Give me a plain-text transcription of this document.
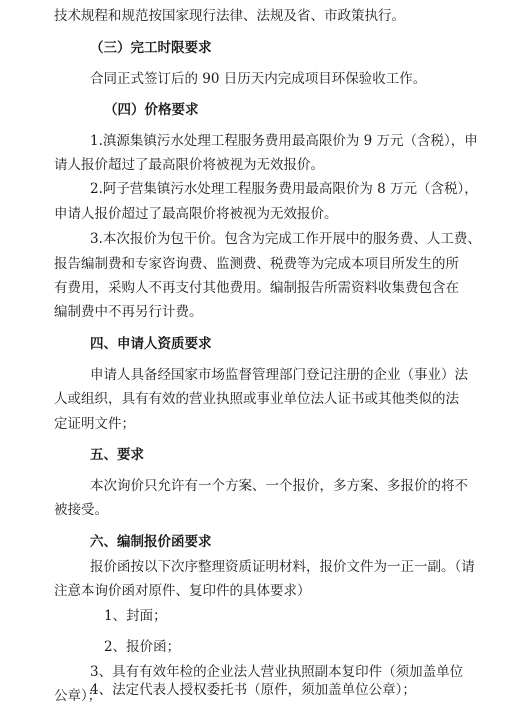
技术规程和规范按国家现行法律、法规及省、市政策执行。
（三）完工时限要求
合同正式签订后的 90 日历天内完成项目环保验收工作。
（四）价格要求
1.滇源集镇污水处理工程服务费用最高限价为 9 万元（含税），申
请人报价超过了最高限价将被视为无效报价。
2.阿子营集镇污水处理工程服务费用最高限价为 8 万元（含税），
申请人报价超过了最高限价将被视为无效报价。
3.本次报价为包干价。包含为完成工作开展中的服务费、人工费、
报告编制费和专家咨询费、监测费、税费等为完成本项目所发生的所
有费用，采购人不再支付其他费用。编制报告所需资料收集费包含在
编制费中不再另行计费。
四、申请人资质要求
申请人具备经国家市场监督管理部门登记注册的企业（事业）法
人或组织，具有有效的营业执照或事业单位法人证书或其他类似的法
定证明文件；
五、要求
本次询价只允许有一个方案、一个报价，多方案、多报价的将不
被接受。
六、编制报价函要求
报价函按以下次序整理资质证明材料，报价文件为一正一副。（请
注意本询价函对原件、复印件的具体要求）
1、封面；
2、报价函；
3、具有有效年检的企业法人营业执照副本复印件（须加盖单位
公章）；
4、法定代表人授权委托书（原件，须加盖单位公章）；
